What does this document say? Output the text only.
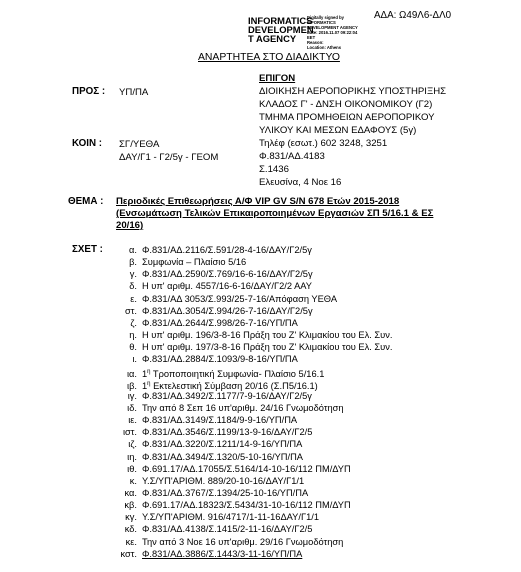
INFORMATICS
DEVELOPMEN
T AGENCY
Digitally signed by
INFORMATICS
DEVELOPMENT AGENCY
Date: 2016.11.07 09:22:04
EET
Reason:
Location: Athens
ΑΔΑ: Ω49Λ6-ΔΛ0
ΑΝΑΡΤΗΤΕΑ ΣΤΟ ΔΙΑΔΙΚΤΥΟ
ΠΡΟΣ : ΥΠ/ΠΑ
ΕΠΙΓΟΝ
ΔΙΟΙΚΗΣΗ ΑΕΡΟΠΟΡΙΚΗΣ ΥΠΟΣΤΗΡΙΞΗΣ
ΚΛΑΔΟΣ Γ' - ΔΝΣΗ ΟΙΚΟΝΟΜΙΚΟΥ (Γ2)
ΤΜΗΜΑ ΠΡΟΜΗΘΕΙΩΝ ΑΕΡΟΠΟΡΙΚΟΥ
ΥΛΙΚΟΥ ΚΑΙ ΜΕΣΩΝ ΕΔΑΦΟΥΣ (5γ)
Τηλέφ (εσωτ.) 602 3248, 3251
Φ.831/ΑΔ.4183
Σ.1436
Ελευσίνα, 4 Νοε 16
ΚΟΙΝ : ΣΓ/ΥΕΘΑ
ΔΑΥ/Γ1 - Γ2/5γ - ΓΕΟΜ
ΘΕΜΑ : Περιοδικές Επιθεωρήσεις Α/Φ VIP GV S/N 678 Ετών 2015-2018
(Ενσωμάτωση Τελικών Επικαιροποιημένων Εργασιών ΣΠ 5/16.1 & ΕΣ
20/16)
ΣΧΕΤ :	α. Φ.831/ΑΔ.2116/Σ.591/28-4-16/ΔΑΥ/Γ2/5γ
β. Συμφωνία – Πλαίσιο 5/16
γ. Φ.831/ΑΔ.2590/Σ.769/16-6-16/ΔΑΥ/Γ2/5γ
δ. Η υπ' αριθμ. 4557/16-6-16/ΔΑΥ/Γ2/2 ΑΑΥ
ε. Φ.831/ΑΔ 3053/Σ.993/25-7-16/Απόφαση ΥΕΘΑ
στ. Φ.831/ΑΔ.3054/Σ.994/26-7-16/ΔΑΥ/Γ2/5γ
ζ. Φ.831/ΑΔ.2644/Σ.998/26-7-16/ΥΠ/ΠΑ
η. Η υπ' αριθμ. 196/3-8-16 Πράξη του Ζ' Κλιμακίου του Ελ. Συν.
θ. Η υπ' αριθμ. 197/3-8-16 Πράξη του Ζ' Κλιμακίου του Ελ. Συν.
ι. Φ.831/ΑΔ.2884/Σ.1093/9-8-16/ΥΠ/ΠΑ
ια. $1^\eta$ Τροποποιητική Συμφωνία- Πλαίσιο 5/16.1
ιβ. $1^\eta$ Εκτελεστική Σύμβαση 20/16 (Σ.Π5/16.1)
ιγ. Φ.831/ΑΔ.3492/Σ.1177/7-9-16/ΔΑΥ/Γ2/5γ
ιδ. Την από 8 Σεπ 16 υπ'αριθμ. 24/16 Γνωμοδότηση
ιε. Φ.831/ΑΔ.3149/Σ.1184/9-9-16/ΥΠ/ΠΑ
ιστ. Φ.831/ΑΔ.3546/Σ.1199/13-9-16/ΔΑΥ/Γ2/5
ιζ. Φ.831/ΑΔ.3220/Σ.1211/14-9-16/ΥΠ/ΠΑ
ιη. Φ.831/ΑΔ.3494/Σ.1320/5-10-16/ΥΠ/ΠΑ
ιθ. Φ.691.17/ΑΔ.17055/Σ.5164/14-10-16/112 ΠΜ/ΔΥΠ
κ. Υ.Σ/ΥΠ'ΑΡΙΘΜ. 889/20-10-16/ΔΑΥ/Γ1/1
κα. Φ.831/ΑΔ.3767/Σ.1394/25-10-16/ΥΠ/ΠΑ
κβ. Φ.691.17/ΑΔ.18323/Σ.5434/31-10-16/112 ΠΜ/ΔΥΠ
κγ. Υ.Σ/ΥΠ'ΑΡΙΘΜ. 916/4717/1-11-16ΔΑΥ/Γ1/1
κδ. Φ.831/ΑΔ.4138/Σ.1415/2-11-16/ΔΑΥ/Γ2/5
κε. Την από 3 Νοε 16 υπ'αριθμ. 29/16 Γνωμοδότηση
κστ. Φ.831/ΑΔ.3886/Σ.1443/3-11-16/ΥΠ/ΠΑ
